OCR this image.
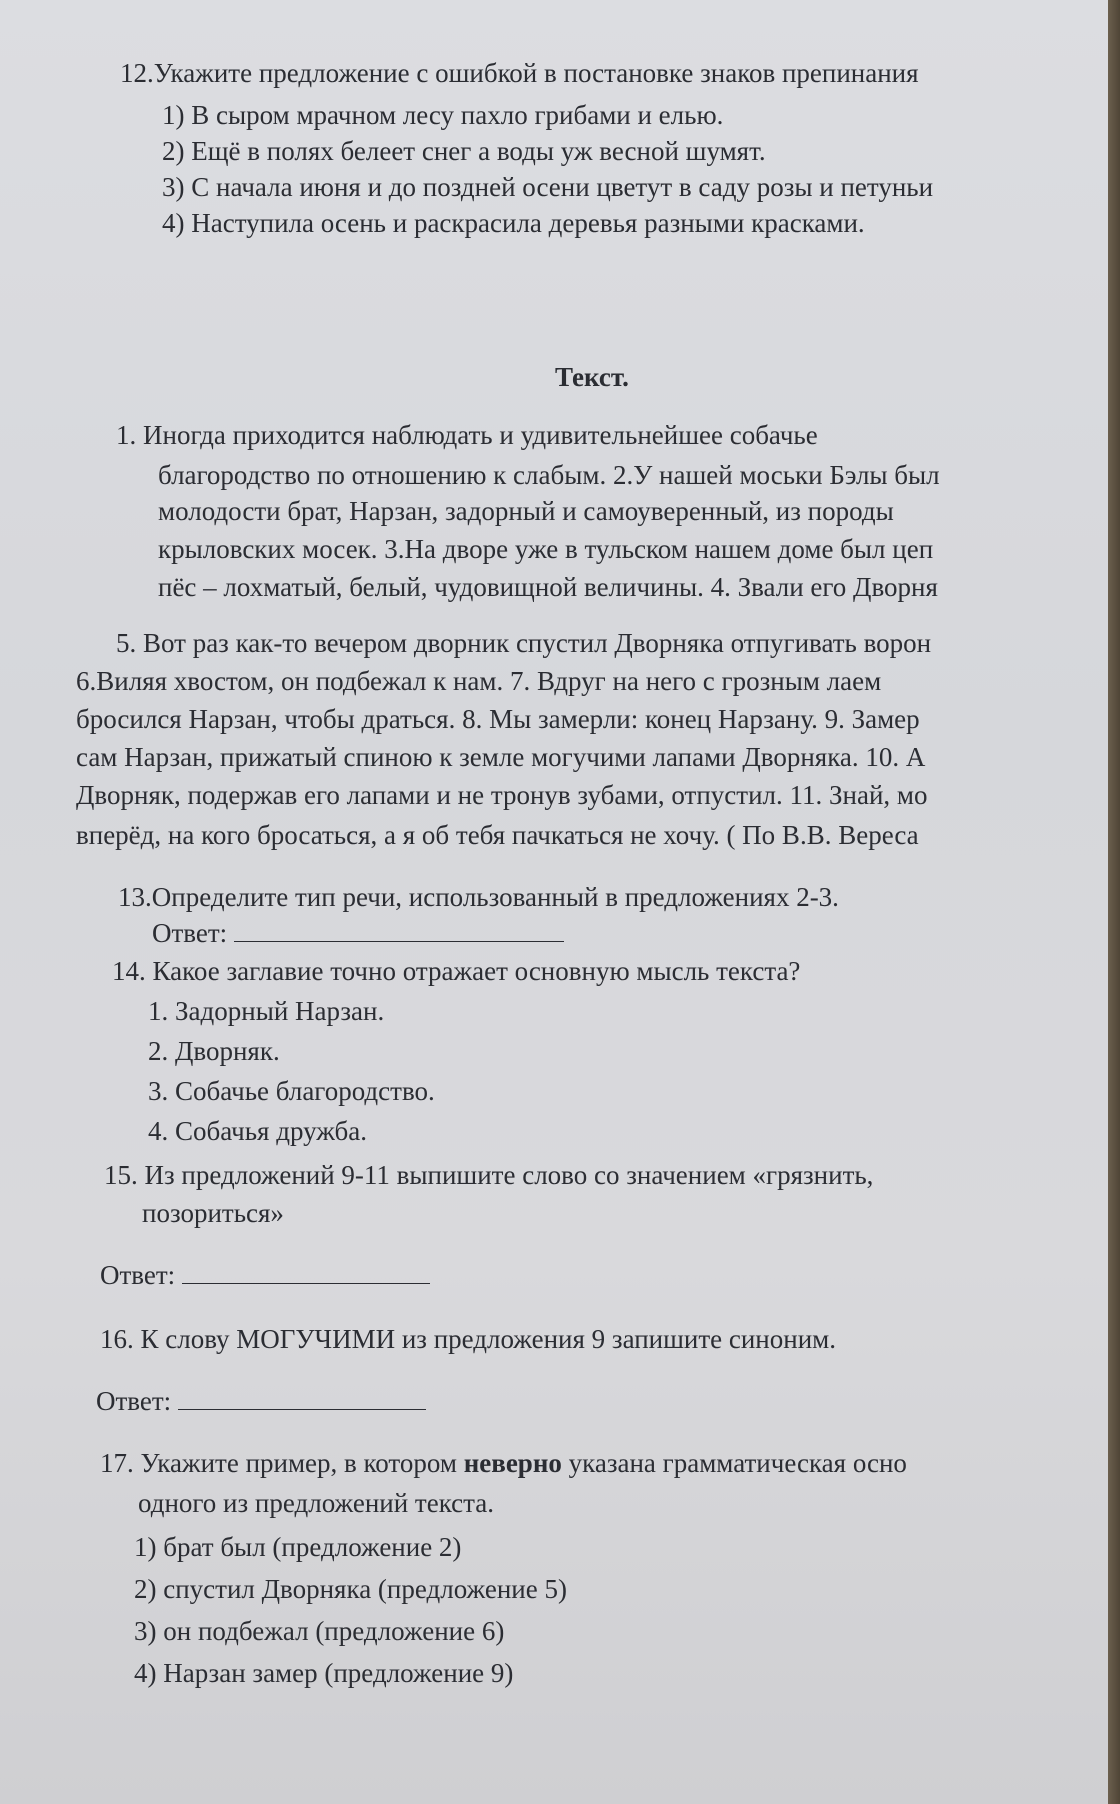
12.Укажите предложение с ошибкой в постановке знаков препинания
1) В сыром мрачном лесу пахло грибами и елью.
2) Ещё в полях белеет снег а воды уж весной шумят.
3) С начала июня и до поздней осени цветут в саду розы и петуньи
4) Наступила осень и раскрасила деревья разными красками.
Текст.
1. Иногда приходится наблюдать и удивительнейшее собачье
благородство по отношению к слабым. 2.У нашей моськи Бэлы был
молодости брат, Нарзан, задорный и самоуверенный, из породы
крыловских мосек. 3.На дворе уже в тульском нашем доме был цеп
пёс – лохматый, белый, чудовищной величины. 4. Звали его Дворня
5. Вот раз как-то вечером дворник спустил Дворняка отпугивать ворон
6.Виляя хвостом, он подбежал к нам. 7. Вдруг на него с грозным лаем
бросился Нарзан, чтобы драться. 8. Мы замерли: конец Нарзану. 9. Замер
сам Нарзан, прижатый спиною к земле могучими лапами Дворняка. 10. А
Дворняк, подержав его лапами и не тронув зубами, отпустил. 11. Знай, мо
вперёд, на кого бросаться, а я об тебя пачкаться не хочу. ( По В.В. Вереса
13.Определите тип речи, использованный в предложениях 2-3.
Ответ:
14. Какое заглавие точно отражает основную мысль текста?
1. Задорный Нарзан.
2. Дворняк.
3. Собачье благородство.
4. Собачья дружба.
15. Из предложений 9-11 выпишите слово со значением «грязнить,
позориться»
Ответ:
16. К слову МОГУЧИМИ из предложения 9 запишите синоним.
Ответ:
17. Укажите пример, в котором неверно указана грамматическая осно
одного из предложений текста.
1) брат был (предложение 2)
2) спустил Дворняка (предложение 5)
3) он подбежал (предложение 6)
4) Нарзан замер (предложение 9)
